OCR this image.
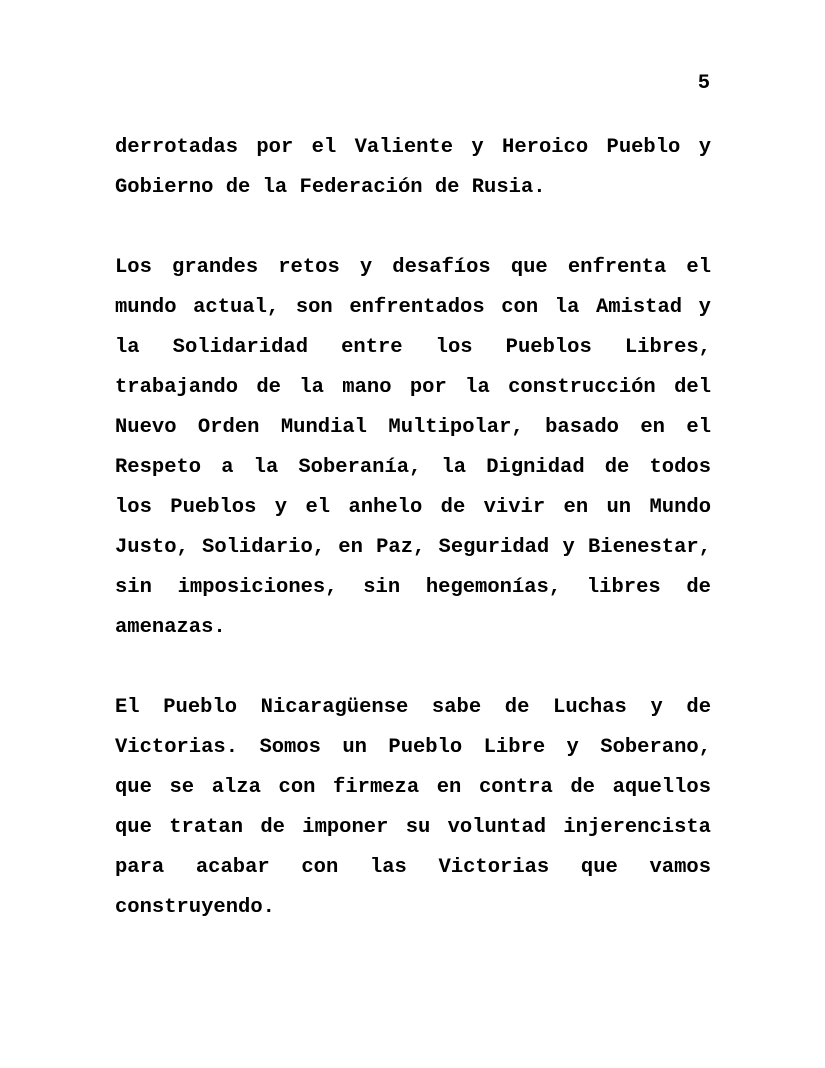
5

derrotadas por el Valiente y Heroico Pueblo y
Gobierno de la Federación de Rusia.

Los grandes retos y desafíos que enfrenta el
mundo actual, son enfrentados con la Amistad y
la Solidaridad entre los Pueblos Libres,
trabajando de la mano por la construcción del
Nuevo Orden Mundial Multipolar, basado en el
Respeto a la Soberanía, la Dignidad de todos
los Pueblos y el anhelo de vivir en un Mundo
Justo, Solidario, en Paz, Seguridad y Bienestar,
sin imposiciones, sin hegemonías, libres de
amenazas.

El Pueblo Nicaragüense sabe de Luchas y de
Victorias. Somos un Pueblo Libre y Soberano,
que se alza con firmeza en contra de aquellos
que tratan de imponer su voluntad injerencista
para acabar con las Victorias que vamos
construyendo.
